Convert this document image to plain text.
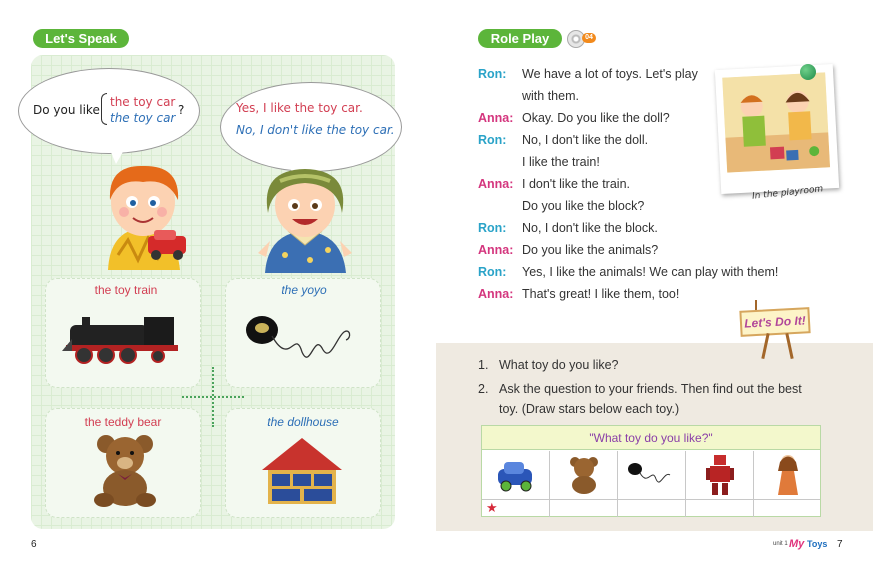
Let's Speak
Do you like
the toy car
the toy car
?	Yes, I like the toy car.
No, I don't like the toy car.
the toy train	the yoyo
the teddy bear	the dollhouse
6
Role Play	04
Ron: We have a lot of toys. Let's play
with them.
Anna: Okay. Do you like the doll?
Ron: No, I don't like the doll.
I like the train!
Anna: I don't like the train.
Do you like the block?
Ron: No, I don't like the block.
Anna: Do you like the animals?
Ron: Yes, I like the animals! We can play with them!
Anna: That's great! I like them, too!
In the playroom
Let's Do It!
1. What toy do you like?
2. Ask the question to your friends. Then find out the best
toy. (Draw stars below each toy.)
"What toy do you like?"
★
unit 1 My Toys 7
